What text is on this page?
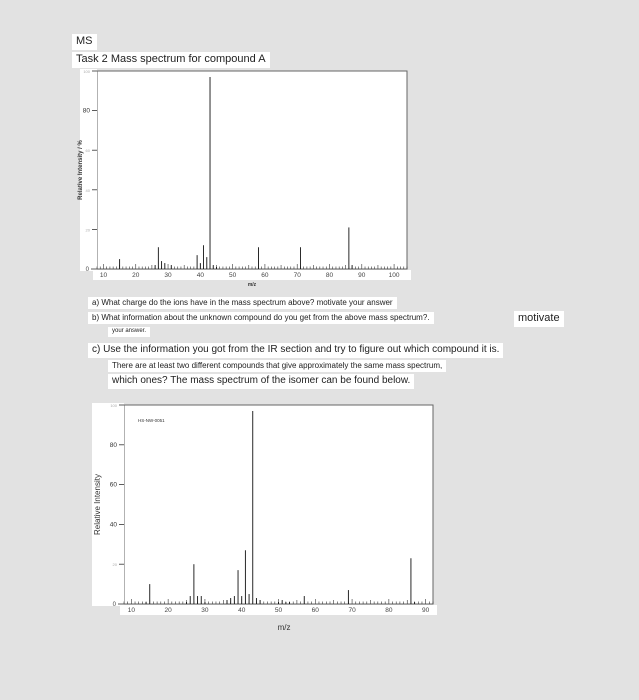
MS
Task 2 Mass spectrum for compound A
10	20	30	40	50	60	70	80	90	100
0
20
40
60
80
100
Relative Intensity / %
m/z
a) What charge do the ions have in the mass spectrum above? motivate your answer
b) What information about the unknown compound do you get from the above mass spectrum?.	motivate
your answer.
c) Use the information you got from the IR section and try to figure out which compound it is.
There are at least two different compounds that give approximately the same mass spectrum,
which ones? The mass spectrum of the isomer can be found below.
10	20	30	40	50	60	70	80	90
0
20
40
60
80
100
Relative Intensity
m/z
HS-NW-0051
